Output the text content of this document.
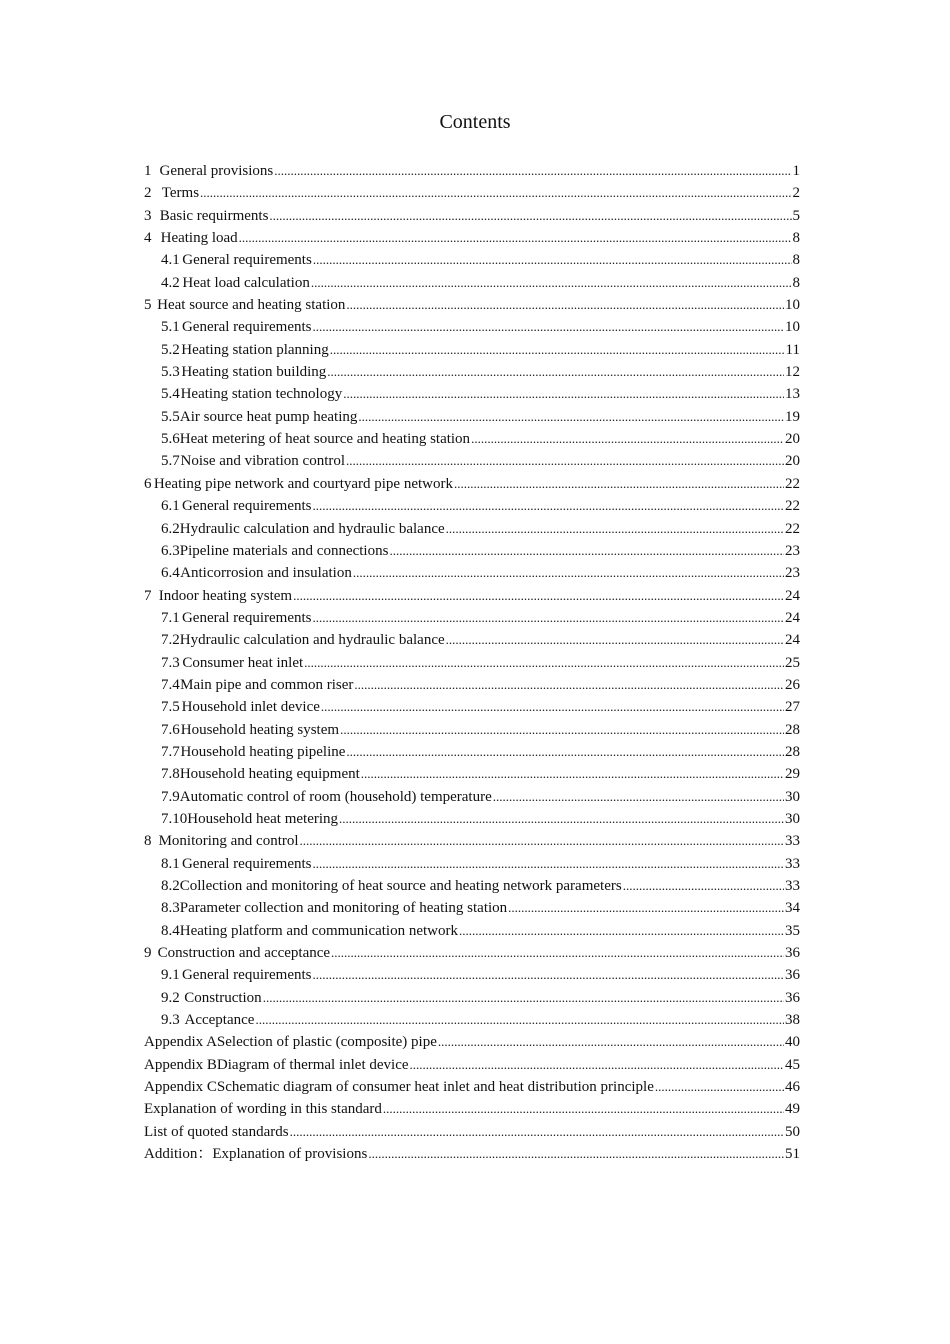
Contents
1 General provisions .....	1
2 Terms .....	2
3 Basic requirments .....	5
4 Heating load .....	8
4.1 General requirements .....	8
4.2 Heat load calculation .....	8
5 Heat source and heating station .....	10
5.1 General requirements .....	10
5.2 Heating station planning .....	11
5.3 Heating station building .....	12
5.4 Heating station technology .....	13
5.5 Air source heat pump heating .....	19
5.6 Heat metering of heat source and heating station .....	20
5.7 Noise and vibration control .....	20
6 Heating pipe network and courtyard pipe network .....	22
6.1 General requirements .....	22
6.2 Hydraulic calculation and hydraulic balance .....	22
6.3 Pipeline materials and connections .....	23
6.4 Anticorrosion and insulation .....	23
7 Indoor heating system .....	24
7.1 General requirements .....	24
7.2 Hydraulic calculation and hydraulic balance .....	24
7.3 Consumer heat inlet .....	25
7.4 Main pipe and common riser .....	26
7.5 Household inlet device .....	27
7.6 Household heating system .....	28
7.7 Household heating pipeline .....	28
7.8 Household heating equipment .....	29
7.9 Automatic control of room (household) temperature .....	30
7.10 Household heat metering .....	30
8 Monitoring and control .....	33
8.1 General requirements .....	33
8.2 Collection and monitoring of heat source and heating network parameters .....	33
8.3 Parameter collection and monitoring of heating station .....	34
8.4 Heating platform and communication network .....	35
9 Construction and acceptance .....	36
9.1 General requirements .....	36
9.2 Construction .....	36
9.3 Acceptance .....	38
Appendix A Selection of plastic (composite) pipe .....	40
Appendix B Diagram of thermal inlet device .....	45
Appendix C Schematic diagram of consumer heat inlet and heat distribution principle .....	46
Explanation of wording in this standard .....	49
List of quoted standards .....	50
Addition：Explanation of provisions .....	51
